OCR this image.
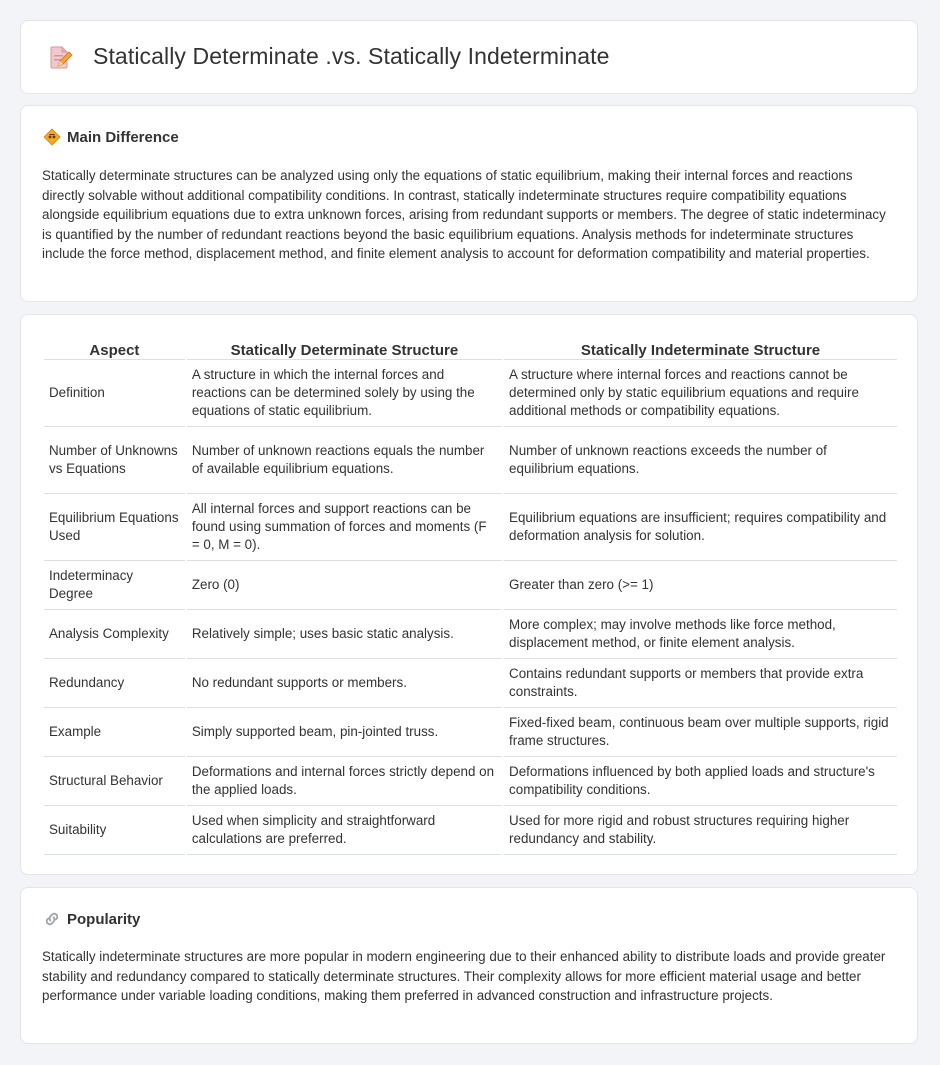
Statically Determinate .vs. Statically Indeterminate
Main Difference

Statically determinate structures can be analyzed using only the equations of static equilibrium, making their internal forces and reactions directly solvable without additional compatibility conditions. In contrast, statically indeterminate structures require compatibility equations alongside equilibrium equations due to extra unknown forces, arising from redundant supports or members. The degree of static indeterminacy is quantified by the number of redundant reactions beyond the basic equilibrium equations. Analysis methods for indeterminate structures include the force method, displacement method, and finite element analysis to account for deformation compatibility and material properties.

Aspect	Statically Determinate Structure	Statically Indeterminate Structure
Definition	A structure in which the internal forces and reactions can be determined solely by using the equations of static equilibrium.	A structure where internal forces and reactions cannot be determined only by static equilibrium equations and require additional methods or compatibility equations.
Number of Unknowns vs Equations	Number of unknown reactions equals the number of available equilibrium equations.	Number of unknown reactions exceeds the number of equilibrium equations.
Equilibrium Equations Used	All internal forces and support reactions can be found using summation of forces and moments (F = 0, M = 0).	Equilibrium equations are insufficient; requires compatibility and deformation analysis for solution.
Indeterminacy Degree	Zero (0)	Greater than zero (>= 1)
Analysis Complexity	Relatively simple; uses basic static analysis.	More complex; may involve methods like force method, displacement method, or finite element analysis.
Redundancy	No redundant supports or members.	Contains redundant supports or members that provide extra constraints.
Example	Simply supported beam, pin-jointed truss.	Fixed-fixed beam, continuous beam over multiple supports, rigid frame structures.
Structural Behavior	Deformations and internal forces strictly depend on the applied loads.	Deformations influenced by both applied loads and structure's compatibility conditions.
Suitability	Used when simplicity and straightforward calculations are preferred.	Used for more rigid and robust structures requiring higher redundancy and stability.
Popularity

Statically indeterminate structures are more popular in modern engineering due to their enhanced ability to distribute loads and provide greater stability and redundancy compared to statically determinate structures. Their complexity allows for more efficient material usage and better performance under variable loading conditions, making them preferred in advanced construction and infrastructure projects.
